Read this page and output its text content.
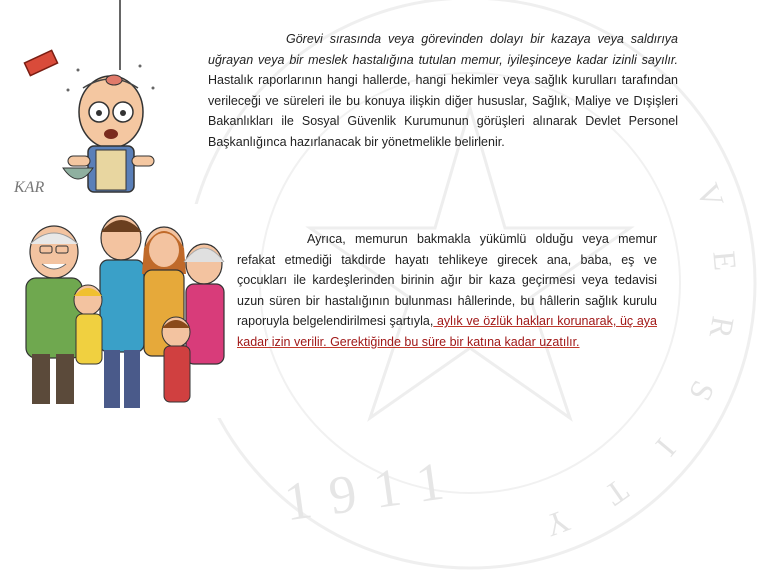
1911
V
E
R
S
I
T
Y
KAR

Görevi sırasında veya görevinden dolayı bir kazaya veya saldırıya uğrayan veya bir meslek hastalığına tutulan memur, iyileşinceye kadar izinli sayılır. Hastalık raporlarının hangi hallerde, hangi hekimler veya sağlık kurulları tarafından verileceği ve süreleri ile bu konuya ilişkin diğer hususlar, Sağlık, Maliye ve Dışişleri Bakanlıkları ile Sosyal Güvenlik Kurumunun görüşleri alınarak Devlet Personel Başkanlığınca hazırlanacak bir yönetmelikle belirlenir.

Ayrıca, memurun bakmakla yükümlü olduğu veya memur refakat etmediği takdirde hayatı tehlikeye girecek ana, baba, eş ve çocukları ile kardeşlerinden birinin ağır bir kaza geçirmesi veya tedavisi uzun süren bir hastalığının bulunması hâllerinde, bu hâllerin sağlık kurulu raporuyla belgelendirilmesi şartıyla, aylık ve özlük hakları korunarak, üç aya kadar izin verilir. Gerektiğinde bu süre bir katına kadar uzatılır.
